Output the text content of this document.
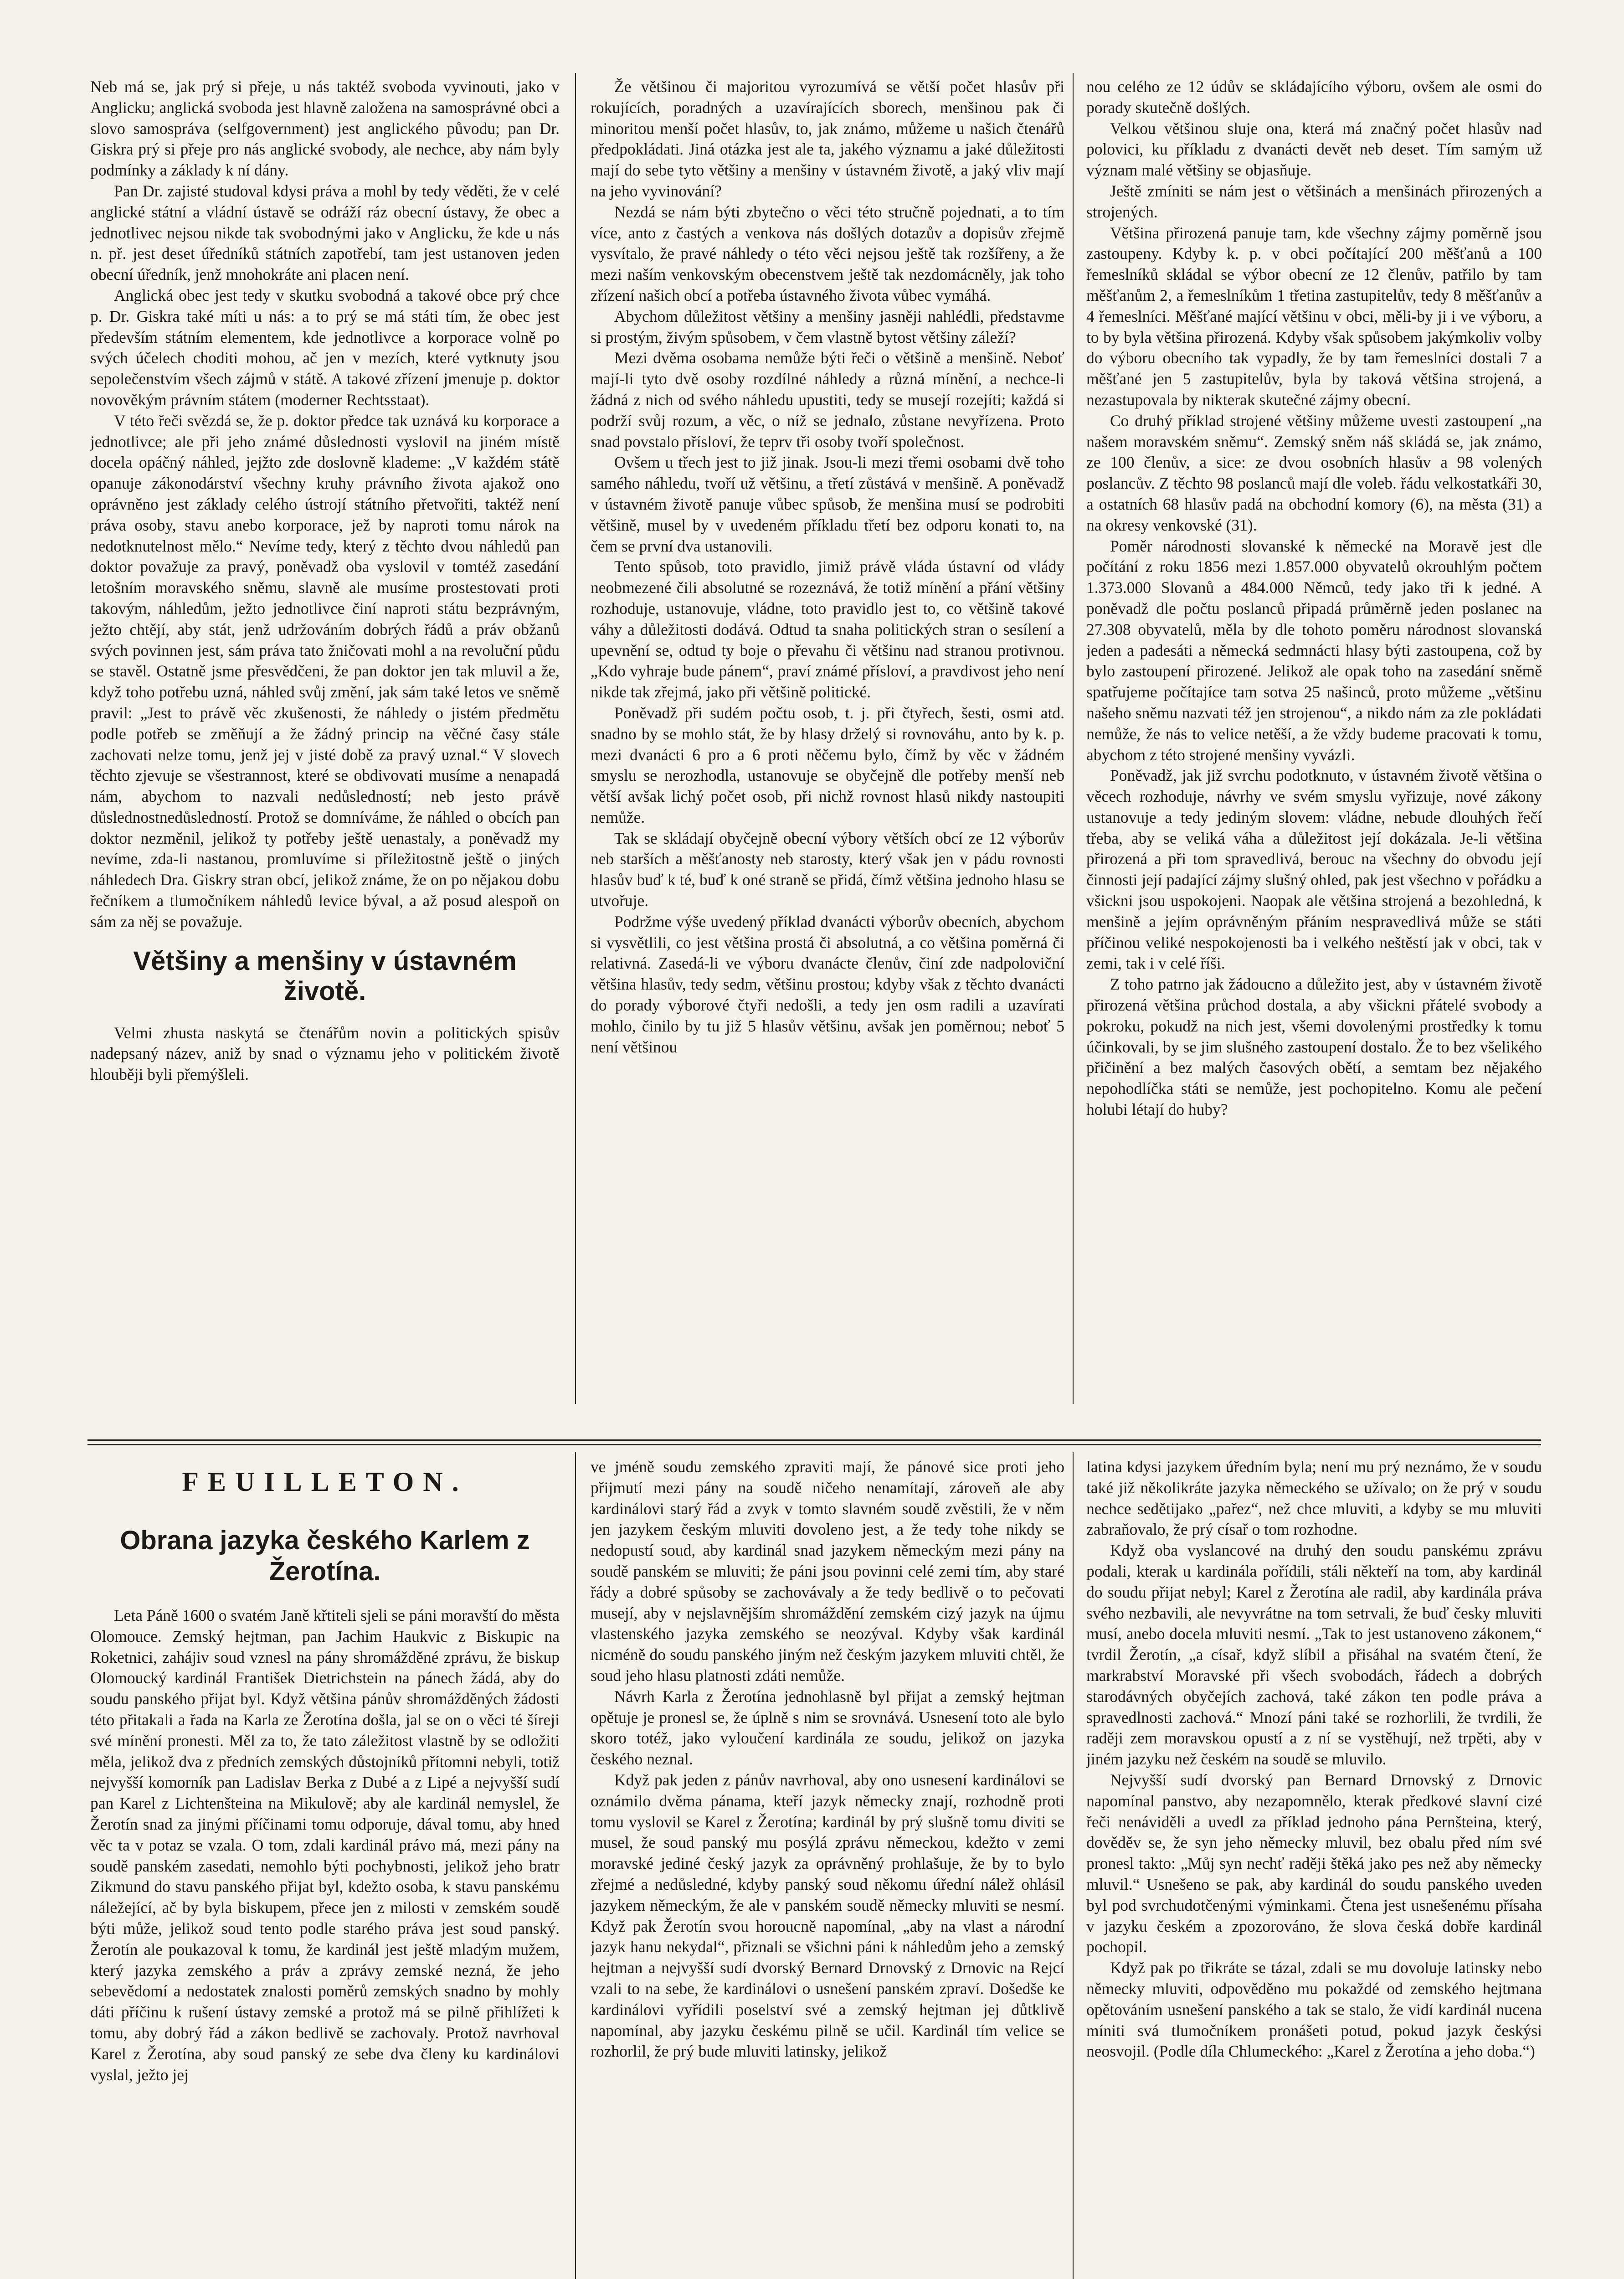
Neb má se, jak prý si přeje, u nás taktéž svoboda vyvinouti, jako v Anglicku; anglická svoboda jest hlavně založena na samosprávné obci a slovo samospráva (selfgovernment) jest anglického původu; pan Dr. Giskra prý si přeje pro nás anglické svobody, ale nechce, aby nám byly podmínky a základy k ní dány.

Pan Dr. zajisté studoval kdysi práva a mohl by tedy věděti, že v celé anglické státní a vládní ústavě se odráží ráz obecní ústavy, že obec a jednotlivec nejsou nikde tak svobodnými jako v Anglicku, že kde u nás n. př. jest deset úředníků státních zapotřebí, tam jest ustanoven jeden obecní úředník, jenž mnohokráte ani placen není.

Anglická obec jest tedy v skutku svobodná a takové obce prý chce p. Dr. Giskra také míti u nás: a to prý se má státi tím, že obec jest především státním elementem, kde jednotlivce a korporace volně po svých účelech choditi mohou, ač jen v mezích, které vytknuty jsou sepolečenstvím všech zájmů v státě. A takové zřízení jmenuje p. doktor novověkým právním státem (moderner Rechtsstaat).

V této řeči svězdá se, že p. doktor předce tak uznává ku korporace a jednotlivce; ale při jeho známé důslednosti vyslovil na jiném místě docela opáčný náhled, jejžto zde doslovně klademe: „V každém státě opanuje zákonodárství všechny kruhy právního života ajakož ono oprávněno jest základy celého ústrojí státního přetvořiti, taktéž není práva osoby, stavu anebo korporace, jež by naproti tomu nárok na nedotknutelnost mělo.“ Nevíme tedy, který z těchto dvou náhledů pan doktor považuje za pravý, poněvadž oba vyslovil v tomtéž zasedání letošním moravského sněmu, slavně ale musíme prostestovati proti takovým, náhledům, ježto jednotlivce činí naproti státu bezprávným, ježto chtějí, aby stát, jenž udržováním dobrých řádů a práv obžanů svých povinnen jest, sám práva tato žničovati mohl a na revoluční půdu se stavěl. Ostatně jsme přesvědčeni, že pan doktor jen tak mluvil a že, když toho potřebu uzná, náhled svůj změní, jak sám také letos ve sněmě pravil: „Jest to právě věc zkušenosti, že náhledy o jistém předmětu podle potřeb se změňují a že žádný princip na věčné časy stále zachovati nelze tomu, jenž jej v jisté době za pravý uznal.“ V slovech těchto zjevuje se všestrannost, které se obdivovati musíme a nenapadá nám, abychom to nazvali nedůsledností; neb jesto právě důslednostnedůsledností. Protož se domníváme, že náhled o obcích pan doktor nezměnil, jelikož ty potřeby ještě uenastaly, a poněvadž my nevíme, zda-li nastanou, promluvíme si příležitostně ještě o jiných náhledech Dra. Giskry stran obcí, jelikož známe, že on po nějakou dobu řečníkem a tlumočníkem náhledů levice býval, a až posud alespoň on sám za něj se považuje.

Většiny a menšiny v ústavném životě.

Velmi zhusta naskytá se čtenářům novin a politických spisův nadepsaný název, aniž by snad o významu jeho v politickém životě hlouběji byli přemýšleli.

Že většinou či majoritou vyrozumívá se větší počet hlasův při rokujících, poradných a uzavírajících sborech, menšinou pak či minoritou menší počet hlasův, to, jak známo, můžeme u našich čtenářů předpokládati. Jiná otázka jest ale ta, jakého významu a jaké důležitosti mají do sebe tyto většiny a menšiny v ústavném životě, a jaký vliv mají na jeho vyvinování?

Nezdá se nám býti zbytečno o věci této stručně pojednati, a to tím více, anto z častých a venkova nás došlých dotazův a dopisův zřejmě vysvítalo, že pravé náhledy o této věci nejsou ještě tak rozšířeny, a že mezi naším venkovským obecenstvem ještě tak nezdomácněly, jak toho zřízení našich obcí a potřeba ústavného života vůbec vymáhá.

Abychom důležitost většiny a menšiny jasněji nahlédli, představme si prostým, živým spůsobem, v čem vlastně bytost většiny záleží?

Mezi dvěma osobama nemůže býti řeči o většině a menšině. Neboť mají-li tyto dvě osoby rozdílné náhledy a různá mínění, a nechce-li žádná z nich od svého náhledu upustiti, tedy se musejí rozejíti; každá si podrží svůj rozum, a věc, o níž se jednalo, zůstane nevyřízena. Proto snad povstalo přísloví, že teprv tři osoby tvoří společnost.

Ovšem u třech jest to již jinak. Jsou-li mezi třemi osobami dvě toho samého náhledu, tvoří už většinu, a třetí zůstává v menšině. A poněvadž v ústavném životě panuje vůbec spůsob, že menšina musí se podrobiti většině, musel by v uvedeném příkladu třetí bez odporu konati to, na čem se první dva ustanovili.

Tento spůsob, toto pravidlo, jimiž právě vláda ústavní od vlády neobmezené čili absolutné se rozeznává, že totiž mínění a přání většiny rozhoduje, ustanovuje, vládne, toto pravidlo jest to, co většině takové váhy a důležitosti dodává. Odtud ta snaha politických stran o sesílení a upevnění se, odtud ty boje o převahu či většinu nad stranou protivnou. „Kdo vyhraje bude pánem“, praví známé přísloví, a pravdivost jeho není nikde tak zřejmá, jako při většině politické.

Poněvadž při sudém počtu osob, t. j. při čtyřech, šesti, osmi atd. snadno by se mohlo stát, že by hlasy drželý si rovnováhu, anto by k. p. mezi dvanácti 6 pro a 6 proti něčemu bylo, čímž by věc v žádném smyslu se nerozhodla, ustanovuje se obyčejně dle potřeby menší neb větší avšak lichý počet osob, při nichž rovnost hlasů nikdy nastoupiti nemůže.

Tak se skládají obyčejně obecní výbory větších obcí ze 12 výborův neb starších a měšťanosty neb starosty, který však jen v pádu rovnosti hlasův buď k té, buď k oné straně se přidá, čímž většina jednoho hlasu se utvořuje.

Podržme výše uvedený příklad dvanácti výborův obecních, abychom si vysvětlili, co jest většina prostá či absolutná, a co většina poměrná či relativná. Zasedá-li ve výboru dvanácte členův, činí zde nadpoloviční většina hlasův, tedy sedm, většinu prostou; kdyby však z těchto dvanácti do porady výborové čtyři nedošli, a tedy jen osm radili a uzavírati mohlo, činilo by tu již 5 hlasův většinu, avšak jen poměrnou; neboť 5 není většinou

nou celého ze 12 údův se skládajícího výboru, ovšem ale osmi do porady skutečně došlých.

Velkou většinou sluje ona, která má značný počet hlasův nad polovici, ku příkladu z dvanácti devět neb deset. Tím samým už význam malé většiny se objasňuje.

Ještě zmíniti se nám jest o většinách a menšinách přirozených a strojených.

Většina přirozená panuje tam, kde všechny zájmy poměrně jsou zastoupeny. Kdyby k. p. v obci počítající 200 měšťanů a 100 řemeslníků skládal se výbor obecní ze 12 členův, patřilo by tam měšťanům 2, a řemeslníkům 1 třetina zastupitelův, tedy 8 měšťanův a 4 řemeslníci. Měšťané mající většinu v obci, měli-by ji i ve výboru, a to by byla většina přirozená. Kdyby však spůsobem jakýmkoliv volby do výboru obecního tak vypadly, že by tam řemeslníci dostali 7 a měšťané jen 5 zastupitelův, byla by taková většina strojená, a nezastupovala by nikterak skutečné zájmy obecní.

Co druhý příklad strojené většiny můžeme uvesti zastoupení „na našem moravském sněmu“. Zemský sněm náš skládá se, jak známo, ze 100 členův, a sice: ze dvou osobních hlasův a 98 volených poslancův. Z těchto 98 poslanců mají dle voleb. řádu velkostatkáři 30, a ostatních 68 hlasův padá na obchodní komory (6), na města (31) a na okresy venkovské (31).

Poměr národnosti slovanské k německé na Moravě jest dle počítání z roku 1856 mezi 1.857.000 obyvatelů okrouhlým počtem 1.373.000 Slovanů a 484.000 Němců, tedy jako tři k jedné. A poněvadž dle počtu poslanců připadá průměrně jeden poslanec na 27.308 obyvatelů, měla by dle tohoto poměru národnost slovanská jeden a padesáti a německá sedmnácti hlasy býti zastoupena, což by bylo zastoupení přirozené. Jelikož ale opak toho na zasedání sněmě spatřujeme počítajíce tam sotva 25 našinců, proto můžeme „většinu našeho sněmu nazvati též jen strojenou“, a nikdo nám za zle pokládati nemůže, že nás to velice netěší, a že vždy budeme pracovati k tomu, abychom z této strojené menšiny vyvázli.

Poněvadž, jak již svrchu podotknuto, v ústavném životě většina o věcech rozhoduje, návrhy ve svém smyslu vyřizuje, nové zákony ustanovuje a tedy jediným slovem: vládne, nebude dlouhých řečí třeba, aby se veliká váha a důležitost její dokázala. Je-li většina přirozená a při tom spravedlivá, berouc na všechny do obvodu její činnosti její padající zájmy slušný ohled, pak jest všechno v pořádku a všickni jsou uspokojeni. Naopak ale většina strojená a bezohledná, k menšině a jejím oprávněným přáním nespravedlivá může se státi příčinou veliké nespokojenosti ba i velkého neštěstí jak v obci, tak v zemi, tak i v celé říši.

Z toho patrno jak žádoucno a důležito jest, aby v ústavném životě přirozená většina průchod dostala, a aby všickni přátelé svobody a pokroku, pokudž na nich jest, všemi dovolenými prostředky k tomu účinkovali, by se jim slušného zastoupení dostalo. Že to bez všelikého přičinění a bez malých časových obětí, a semtam bez nějakého nepohodlíčka státi se nemůže, jest pochopitelno. Komu ale pečení holubi létají do huby?

FEUILLETON.
Obrana jazyka českého Karlem z Žerotína.

Leta Páně 1600 o svatém Janě křtiteli sjeli se páni moravští do města Olomouce. Zemský hejtman, pan Jachim Haukvic z Biskupic na Roketnici, zahájiv soud vznesl na pány shromážděné zprávu, že biskup Olomoucký kardinál František Dietrichstein na pánech žádá, aby do soudu panského přijat byl. Když většina pánův shromážděných žádosti této přitakali a řada na Karla ze Žerotína došla, jal se on o věci té šíreji své mínění pronesti. Měl za to, že tato záležitost vlastně by se odložiti měla, jelikož dva z předních zemských důstojníků přítomni nebyli, totiž nejvyšší komorník pan Ladislav Berka z Dubé a z Lipé a nejvyšší sudí pan Karel z Lichtenšteina na Mikulově; aby ale kardinál nemyslel, že Žerotín snad za jinými příčinami tomu odporuje, dával tomu, aby hned věc ta v potaz se vzala. O tom, zdali kardinál právo má, mezi pány na soudě panském zasedati, nemohlo býti pochybnosti, jelikož jeho bratr Zikmund do stavu panského přijat byl, kdežto osoba, k stavu panskému náležející, ač by byla biskupem, přece jen z milosti v zemském soudě býti může, jelikož soud tento podle starého práva jest soud panský. Žerotín ale poukazoval k tomu, že kardinál jest ještě mladým mužem, který jazyka zemského a práv a zprávy zemské nezná, že jeho sebevědomí a nedostatek znalosti poměrů zemských snadno by mohly dáti příčinu k rušení ústavy zemské a protož má se pilně přihlížeti k tomu, aby dobrý řád a zákon bedlivě se zachovaly. Protož navrhoval Karel z Žerotína, aby soud panský ze sebe dva členy ku kardinálovi vyslal, ježto jej

ve jméně soudu zemského zpraviti mají, že pánové sice proti jeho přijmutí mezi pány na soudě ničeho nenamítají, zároveň ale aby kardinálovi starý řád a zvyk v tomto slavném soudě zvěstili, že v něm jen jazykem českým mluviti dovoleno jest, a že tedy tohe nikdy se nedopustí soud, aby kardinál snad jazykem německým mezi pány na soudě panském se mluviti; že páni jsou povinni celé zemi tím, aby staré řády a dobré spůsoby se zachovávaly a že tedy bedlivě o to pečovati musejí, aby v nejslavnějším shromáždění zemském cizý jazyk na újmu vlastenského jazyka zemského se neozýval. Kdyby však kardinál nicméně do soudu panského jiným než českým jazykem mluviti chtěl, že soud jeho hlasu platnosti zdáti nemůže.

Návrh Karla z Žerotína jednohlasně byl přijat a zemský hejtman opětuje je pronesl se, že úplně s nim se srovnává. Usnesení toto ale bylo skoro totéž, jako vyloučení kardinála ze soudu, jelikož on jazyka českého neznal.

Když pak jeden z pánův navrhoval, aby ono usnesení kardinálovi se oznámilo dvěma pánama, kteří jazyk německy znají, rozhodně proti tomu vyslovil se Karel z Žerotína; kardinál by prý slušně tomu diviti se musel, že soud panský mu posýlá zprávu německou, kdežto v zemi moravské jediné český jazyk za oprávněný prohlašuje, že by to bylo zřejmé a nedůsledné, kdyby panský soud někomu úřední nálež ohlásil jazykem německým, že ale v panském soudě německy mluviti se nesmí. Když pak Žerotín svou horoucně napomínal, „aby na vlast a národní jazyk hanu nekydal“, přiznali se všichni páni k náhledům jeho a zemský hejtman a nejvyšší sudí dvorský Bernard Drnovský z Drnovic na Rejcí vzali to na sebe, že kardinálovi o usnešení panském zpraví. Došedše ke kardinálovi vyřídili poselství své a zemský hejtman jej důtklivě napomínal, aby jazyku českému pilně se učil. Kardinál tím velice se rozhorlil, že prý bude mluviti latinsky, jelikož

latina kdysi jazykem úředním byla; není mu prý neznámo, že v soudu také již několikráte jazyka německého se užívalo; on že prý v soudu nechce sedětijako „pařez“, než chce mluviti, a kdyby se mu mluviti zabraňovalo, že prý císař o tom rozhodne.

Když oba vyslancové na druhý den soudu panskému zprávu podali, kterak u kardinála pořídili, stáli někteří na tom, aby kardinál do soudu přijat nebyl; Karel z Žerotína ale radil, aby kardinála práva svého nezbavili, ale nevyvrátne na tom setrvali, že buď česky mluviti musí, anebo docela mluviti nesmí. „Tak to jest ustanoveno zákonem,“ tvrdil Žerotín, „a císař, když slíbil a přisáhal na svatém čtení, že markrabství Moravské při všech svobodách, řádech a dobrých starodávných obyčejích zachová, také zákon ten podle práva a spravedlnosti zachová.“ Mnozí páni také se rozhorlili, že tvrdili, že raději zem moravskou opustí a z ní se vystěhují, než trpěti, aby v jiném jazyku než českém na soudě se mluvilo.

Nejvyšší sudí dvorský pan Bernard Drnovský z Drnovic napomínal panstvo, aby nezapomnělo, kterak předkové slavní cizé řeči nenáviděli a uvedl za příklad jednoho pána Pernšteina, který, dověděv se, že syn jeho německy mluvil, bez obalu před ním své pronesl takto: „Můj syn nechť raději štěká jako pes než aby německy mluvil.“ Usnešeno se pak, aby kardinál do soudu panského uveden byl pod svrchudotčenými výminkami. Čtena jest usnešenému přísaha v jazyku českém a zpozorováno, že slova česká dobře kardinál pochopil.

Když pak po třikráte se tázal, zdali se mu dovoluje latinsky nebo německy mluviti, odpověděno mu pokaždé od zemského hejtmana opětováním usnešení panského a tak se stalo, že vidí kardinál nucena míniti svá tlumočníkem pronášeti potud, pokud jazyk českýsi neosvojil. (Podle díla Chlumeckého: „Karel z Žerotína a jeho doba.“)
